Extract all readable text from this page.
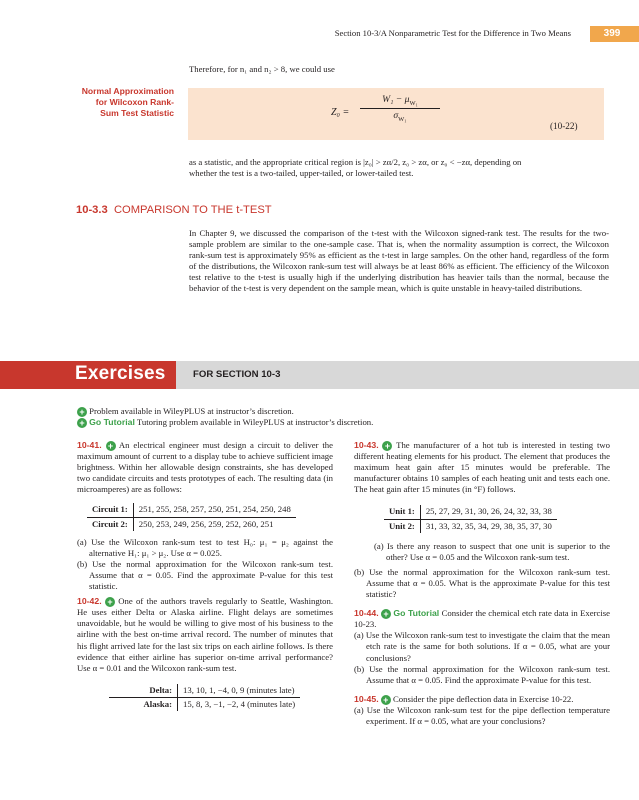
Section 10-3/A Nonparametric Test for the Difference in Two Means	399
Therefore, for n₁ and n₂ > 8, we could use
Normal Approximation
for Wilcoxon Rank-
Sum Test Statistic	$Z_0 = \frac{W_1 - \mu_{W_1}}{\sigma_{W_1}}$
(10-22)
as a statistic, and the appropriate critical region is |z₀| > zα/2, z₀ > zα, or z₀ < −zα, depending on
whether the test is a two-tailed, upper-tailed, or lower-tailed test.
10-3.3 COMPARISON TO THE t-TEST
In Chapter 9, we discussed the comparison of the t-test with the Wilcoxon signed-rank test. The results for the two-sample problem are similar to the one-sample case. That is, when the normality assumption is correct, the Wilcoxon rank-sum test is approximately 95% as efficient as the t-test in large samples. On the other hand, regardless of the form of the distributions, the Wilcoxon rank-sum test will always be at least 86% as efficient. The efficiency of the Wilcoxon test relative to the t-test is usually high if the underlying distribution has heavier tails than the normal, because the behavior of the t-test is very dependent on the sample mean, which is quite unstable in heavy-tailed distributions.
Exercises	FOR SECTION 10-3
+ Problem available in WileyPLUS at instructor’s discretion.
+ Go Tutorial Tutoring problem available in WileyPLUS at instructor’s discretion.
10-41. + An electrical engineer must design a circuit to deliver the maximum amount of current to a display tube to achieve sufficient image brightness. Within her allowable design constraints, she has developed two candidate circuits and tests prototypes of each. The resulting data (in microamperes) are as follows:
Circuit 1:	251, 255, 258, 257, 250, 251, 254, 250, 248
Circuit 2:	250, 253, 249, 256, 259, 252, 260, 251
(a) Use the Wilcoxon rank-sum test to test H₀: μ₁ = μ₂ against the alternative H₁: μ₁ > μ₂. Use α = 0.025.
(b) Use the normal approximation for the Wilcoxon rank-sum test. Assume that α = 0.05. Find the approximate P-value for this test statistic.
10-42. + One of the authors travels regularly to Seattle, Washington. He uses either Delta or Alaska airline. Flight delays are sometimes unavoidable, but he would be willing to give most of his business to the airline with the best on-time arrival record. The number of minutes that his flight arrived late for the last six trips on each airline follows. Is there evidence that either airline has superior on-time arrival performance? Use α = 0.01 and the Wilcoxon rank-sum test.
Delta:	13, 10, 1, −4, 0, 9 (minutes late)
Alaska:	15, 8, 3, −1, −2, 4 (minutes late)
10-43. + The manufacturer of a hot tub is interested in testing two different heating elements for his product. The element that produces the maximum heat gain after 15 minutes would be preferable. The manufacturer obtains 10 samples of each heating unit and tests each one. The heat gain after 15 minutes (in °F) follows.
Unit 1:	25, 27, 29, 31, 30, 26, 24, 32, 33, 38
Unit 2:	31, 33, 32, 35, 34, 29, 38, 35, 37, 30
(a) Is there any reason to suspect that one unit is superior to the other? Use α = 0.05 and the Wilcoxon rank-sum test.
(b) Use the normal approximation for the Wilcoxon rank-sum test. Assume that α = 0.05. What is the approximate P-value for this test statistic?
10-44. + Go Tutorial Consider the chemical etch rate data in Exercise 10-23.
(a) Use the Wilcoxon rank-sum test to investigate the claim that the mean etch rate is the same for both solutions. If α = 0.05, what are your conclusions?
(b) Use the normal approximation for the Wilcoxon rank-sum test. Assume that α = 0.05. Find the approximate P-value for this test.
10-45. + Consider the pipe deflection data in Exercise 10-22.
(a) Use the Wilcoxon rank-sum test for the pipe deflection temperature experiment. If α = 0.05, what are your conclusions?
